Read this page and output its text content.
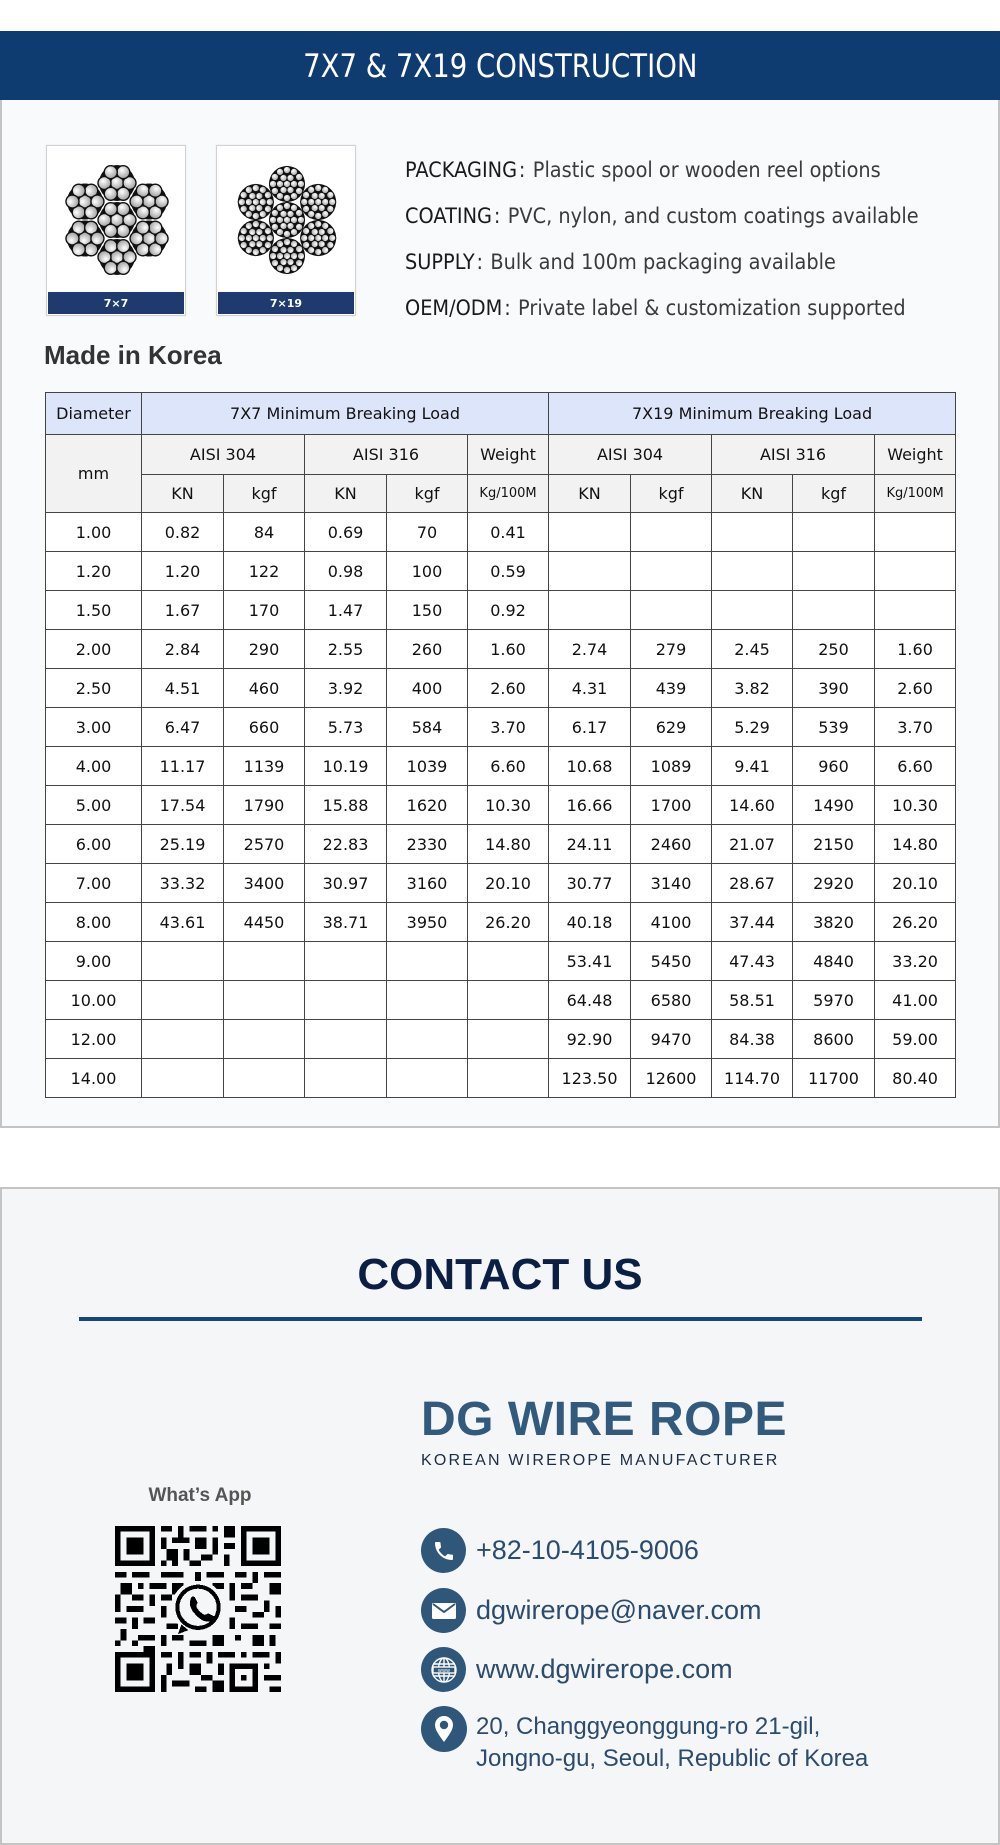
7X7 & 7X19 CONSTRUCTION
7×7	7×19
PACKAGING: Plastic spool or wooden reel options
COATING: PVC, nylon, and custom coatings available
SUPPLY: Bulk and 100m packaging available
OEM/ODM: Private label & customization supported
Made in Korea
Diameter	7X7 Minimum Breaking Load					7X19 Minimum Breaking Load				
mm	AISI 304		AISI 316		Weight	AISI 304		AISI 316		Weight
	KN	kgf	KN	kgf	Kg/100M	KN	kgf	KN	kgf	Kg/100M
1.00	0.82	84	0.69	70	0.41					
1.20	1.20	122	0.98	100	0.59					
1.50	1.67	170	1.47	150	0.92					
2.00	2.84	290	2.55	260	1.60	2.74	279	2.45	250	1.60
2.50	4.51	460	3.92	400	2.60	4.31	439	3.82	390	2.60
3.00	6.47	660	5.73	584	3.70	6.17	629	5.29	539	3.70
4.00	11.17	1139	10.19	1039	6.60	10.68	1089	9.41	960	6.60
5.00	17.54	1790	15.88	1620	10.30	16.66	1700	14.60	1490	10.30
6.00	25.19	2570	22.83	2330	14.80	24.11	2460	21.07	2150	14.80
7.00	33.32	3400	30.97	3160	20.10	30.77	3140	28.67	2920	20.10
8.00	43.61	4450	38.71	3950	26.20	40.18	4100	37.44	3820	26.20
9.00						53.41	5450	47.43	4840	33.20
10.00						64.48	6580	58.51	5970	41.00
12.00						92.90	9470	84.38	8600	59.00
14.00						123.50	12600	114.70	11700	80.40
CONTACT US
DG WIRE ROPE
KOREAN WIREROPE MANUFACTURER
What’s App
+82-10-4105-9006
dgwirerope@naver.com
www www.dgwirerope.com
20, Changgyeonggung-ro 21-gil,
Jongno-gu, Seoul, Republic of Korea
